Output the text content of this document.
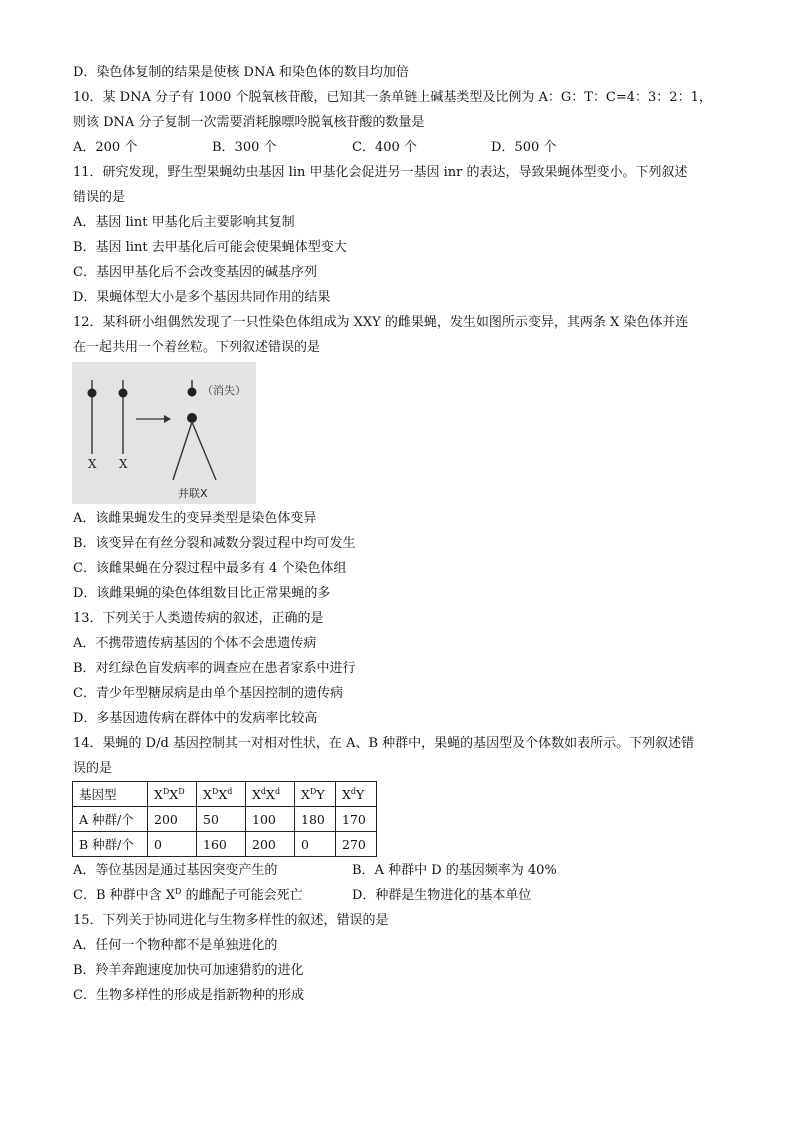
D．染色体复制的结果是使核 DNA 和染色体的数目均加倍
10．某 DNA 分子有 1000 个脱氧核苷酸，已知其一条单链上碱基类型及比例为 A：G：T：C=4：3：2：1，
则该 DNA 分子复制一次需要消耗腺嘌呤脱氧核苷酸的数量是
A．200 个	B．300 个	C．400 个	D．500 个
11．研究发现，野生型果蝇幼虫基因 lin 甲基化会促进另一基因 inr 的表达，导致果蝇体型变小。下列叙述
错误的是
A．基因 lint 甲基化后主要影响其复制
B．基因 lint 去甲基化后可能会使果蝇体型变大
C．基因甲基化后不会改变基因的碱基序列
D．果蝇体型大小是多个基因共同作用的结果
12．某科研小组偶然发现了一只性染色体组成为 XXY 的雌果蝇，发生如图所示变异，其两条 X 染色体并连
在一起共用一个着丝粒。下列叙述错误的是
X X
（消失）
并联X
A．该雌果蝇发生的变异类型是染色体变异
B．该变异在有丝分裂和减数分裂过程中均可发生
C．该雌果蝇在分裂过程中最多有 4 个染色体组
D．该雌果蝇的染色体组数目比正常果蝇的多
13．下列关于人类遗传病的叙述，正确的是
A．不携带遗传病基因的个体不会患遗传病
B．对红绿色盲发病率的调查应在患者家系中进行
C．青少年型糖尿病是由单个基因控制的遗传病
D．多基因遗传病在群体中的发病率比较高
14．果蝇的 D/d 基因控制其一对相对性状，在 A、B 种群中，果蝇的基因型及个体数如表所示。下列叙述错
误的是
基因型	$X^DX^D$	$X^DX^d$	$X^dX^d$	$X^DY$	$X^dY$
A 种群/个	200	50	100	180	170
B 种群/个	0	160	200	0	270
A．等位基因是通过基因突变产生的	B．A 种群中 D 的基因频率为 40%
C．B 种群中含 $X^D$ 的雌配子可能会死亡	D．种群是生物进化的基本单位
15．下列关于协同进化与生物多样性的叙述，错误的是
A．任何一个物种都不是单独进化的
B．羚羊奔跑速度加快可加速猎豹的进化
C．生物多样性的形成是指新物种的形成
